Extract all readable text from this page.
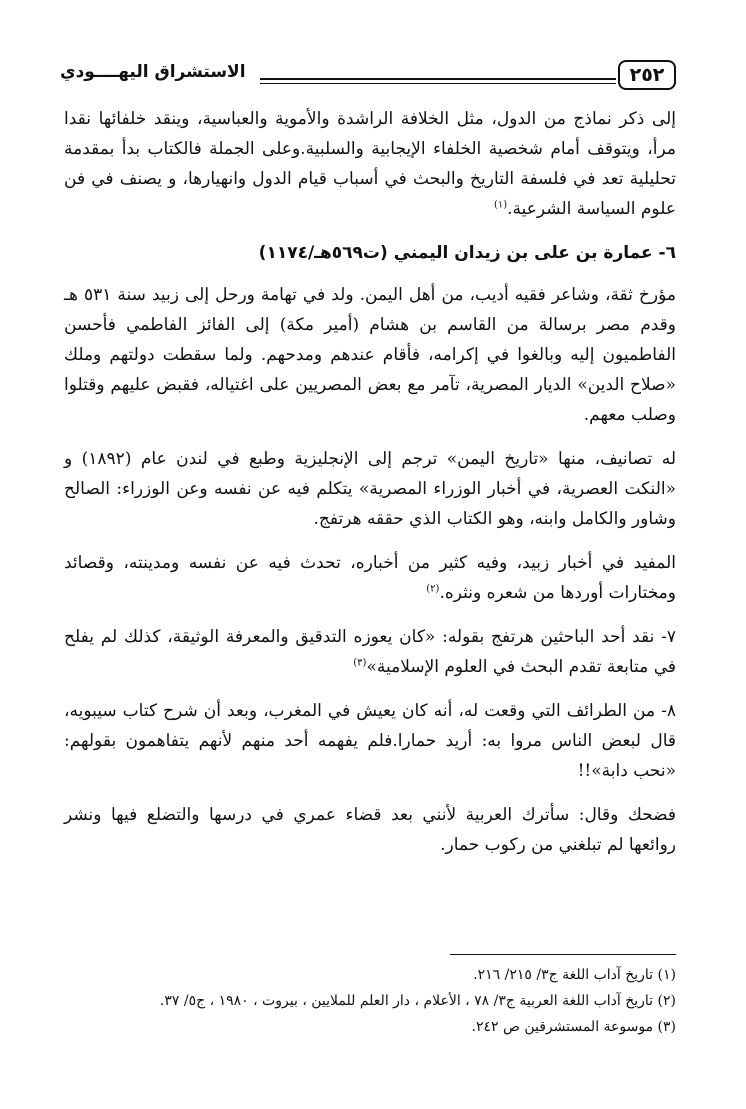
٢٥٢
الاستشراق اليهــــودي

إلى ذكر نماذج من الدول، مثل الخلافة الراشدة والأموية والعباسية، وينقد خلفائها نقدا مرأ، ويتوقف أمام شخصية الخلفاء الإيجابية والسلبية.وعلى الجملة فالكتاب بدأ بمقدمة تحليلية تعد في فلسفة التاريخ والبحث في أسباب قيام الدول وانهيارها، و يصنف في فن علوم السياسة الشرعية.$^{(١)}$

٦- عمارة بن على بن زيدان اليمني (ت٥٦٩هـ/١١٧٤)

مؤرخ ثقة، وشاعر فقيه أديب، من أهل اليمن. ولد في تهامة ورحل إلى زبيد سنة ٥٣١ هـ وقدم مصر برسالة من القاسم بن هشام (أمير مكة) إلى الفائز الفاطمي فأحسن الفاطميون إليه وبالغوا في إكرامه، فأقام عندهم ومدحهم. ولما سقطت دولتهم وملك «صلاح الدين» الديار المصرية، تآمر مع بعض المصريين على اغتياله، فقبض عليهم وقتلوا وصلب معهم.

له تصانيف، منها «تاريخ اليمن» ترجم إلى الإنجليزية وطبع في لندن عام (١٨٩٢) و «النكت العصرية، في أخبار الوزراء المصرية» يتكلم فيه عن نفسه وعن الوزراء: الصالح وشاور والكامل وابنه، وهو الكتاب الذي حققه هرتفج.

المفيد في أخبار زبيد، وفيه كثير من أخباره، تحدث فيه عن نفسه ومدينته، وقصائد ومختارات أوردها من شعره ونثره.$^{(٢)}$

٧- نقد أحد الباحثين هرتفج بقوله: «كان يعوزه التدقيق والمعرفة الوثيقة، كذلك لم يفلح في متابعة تقدم البحث في العلوم الإسلامية»$^{(٣)}$

٨- من الطرائف التي وقعت له، أنه كان يعيش في المغرب، وبعد أن شرح كتاب سيبويه، قال لبعض الناس مروا به: أريد حمارا.فلم يفهمه أحد منهم لأنهم يتفاهمون بقولهم: «نحب دابة»!!

فضحك وقال: سأترك العربية لأنني بعد قضاء عمري في درسها والتضلع فيها ونشر روائعها لم تبلغني من ركوب حمار.

(١) تاريخ آداب اللغة ج٣/ ٢١٥/ ٢١٦.

(٢) تاريخ آداب اللغة العربية ج٣/ ٧٨ ، الأعلام ، دار العلم للملايين ، بيروت ، ١٩٨٠ ، ج٥/ ٣٧.

(٣) موسوعة المستشرقين ص ٢٤٢.
